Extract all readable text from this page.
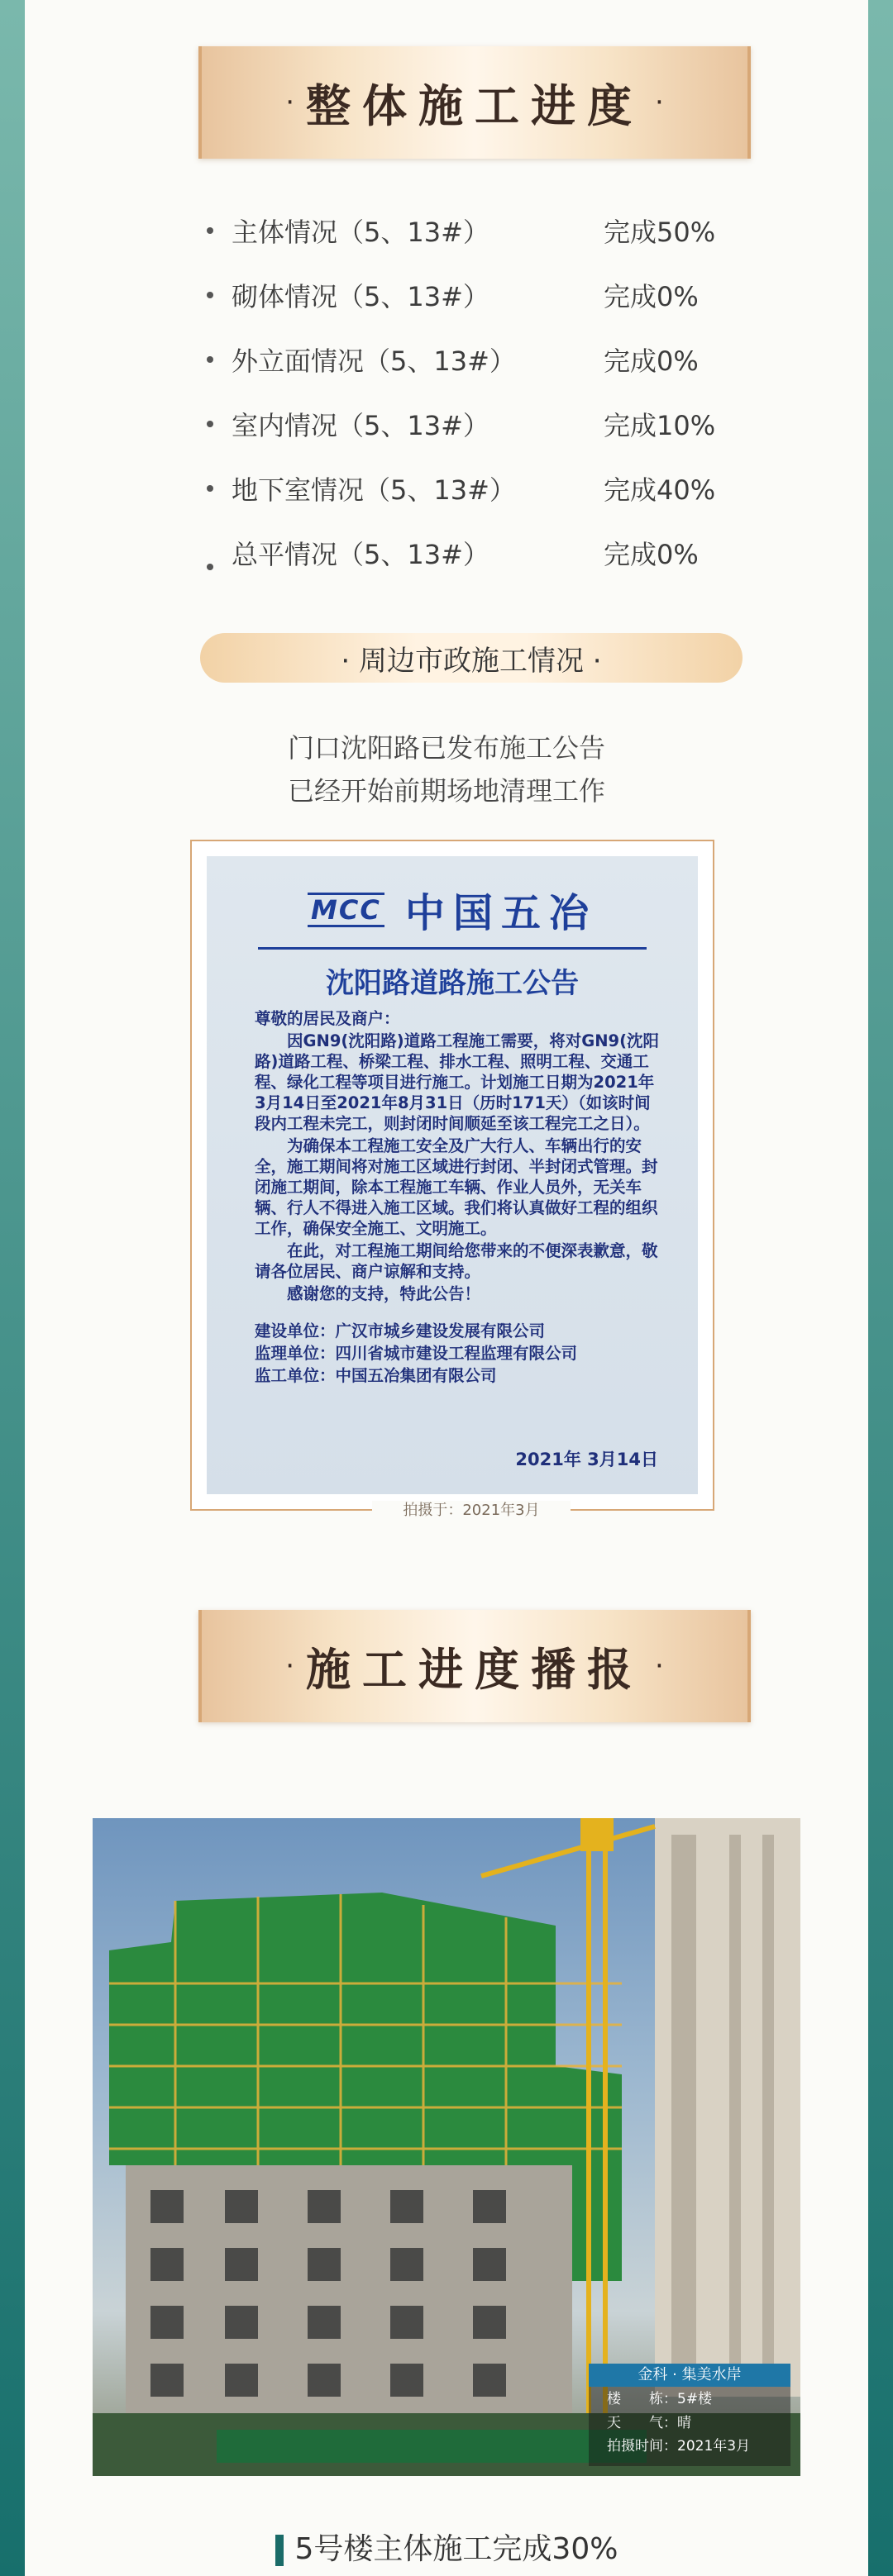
· 整体施工进度 ·
主体情况（5、13#）	完成50%
砌体情况（5、13#）	完成0%
外立面情况（5、13#）	完成0%
室内情况（5、13#）	完成10%
地下室情况（5、13#）	完成40%
总平情况（5、13#）	完成0%
· 周边市政施工情况 ·
门口沈阳路已发布施工公告
已经开始前期场地清理工作
MCC 中国五冶
沈阳路道路施工公告

尊敬的居民及商户：

因GN9(沈阳路)道路工程施工需要，将对GN9(沈阳路)道路工程、桥梁工程、排水工程、照明工程、交通工程、绿化工程等项目进行施工。计划施工日期为2021年3月14日至2021年8月31日（历时171天）（如该时间段内工程未完工，则封闭时间顺延至该工程完工之日）。

为确保本工程施工安全及广大行人、车辆出行的安全，施工期间将对施工区域进行封闭、半封闭式管理。封闭施工期间，除本工程施工车辆、作业人员外，无关车辆、行人不得进入施工区域。我们将认真做好工程的组织工作，确保安全施工、文明施工。

在此，对工程施工期间给您带来的不便深表歉意，敬请各位居民、商户谅解和支持。

感谢您的支持，特此公告！

建设单位：广汉市城乡建设发展有限公司

监理单位：四川省城市建设工程监理有限公司

监工单位：中国五冶集团有限公司

2021年 3月14日
拍摄于：2021年3月
· 施工进度播报 ·
金科 · 集美水岸
楼　　栋：5#楼
天　　气：晴
拍摄时间：2021年3月
5号楼主体施工完成30%
